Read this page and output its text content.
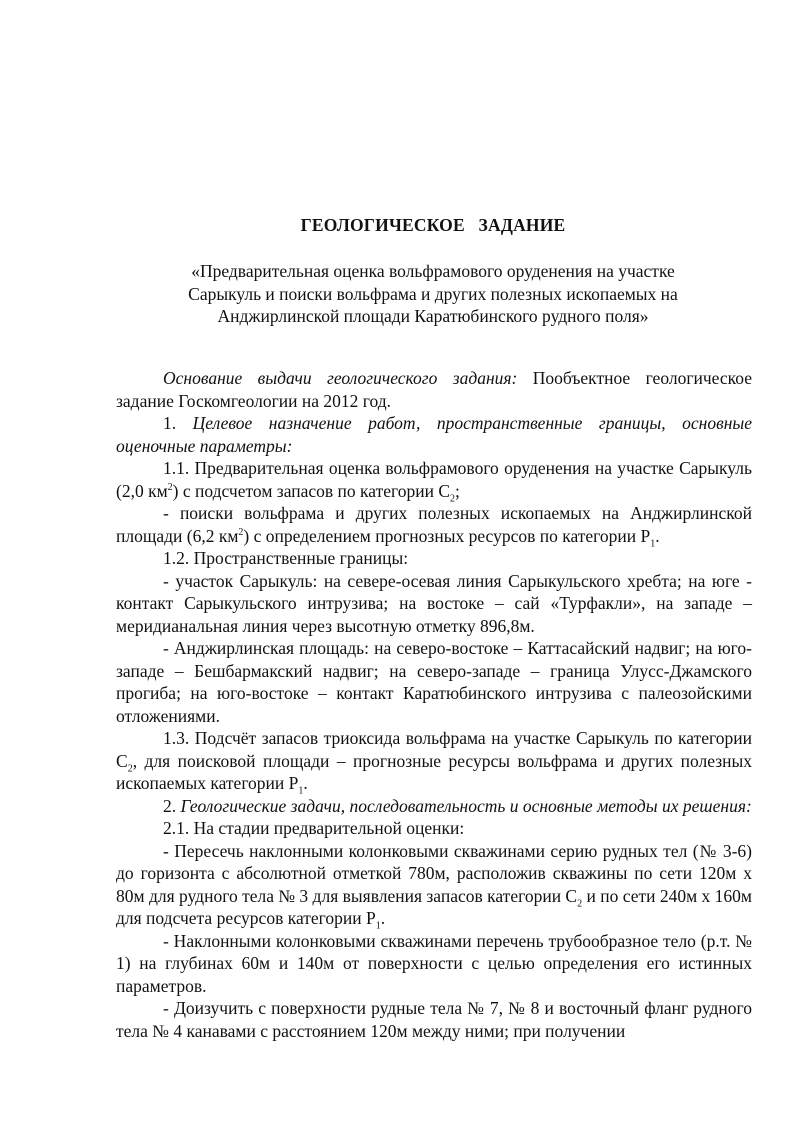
ГЕОЛОГИЧЕСКОЕ   ЗАДАНИЕ
«Предварительная оценка вольфрамового оруденения на участке
Сарыкуль и поиски вольфрама и других полезных ископаемых на
Анджирлинской площади Каратюбинского рудного поля»

Основание выдачи геологического задания: Пообъектное геологическое задание Госкомгеологии на 2012 год.

1. Целевое назначение работ, пространственные границы, основные оценочные параметры:

1.1. Предварительная оценка вольфрамового оруденения на участке Сарыкуль (2,0 $км^2$) с подсчетом запасов по категории $С_2$;

- поиски вольфрама и других полезных ископаемых на Анджирлинской площади (6,2 $км^2$) с определением прогнозных ресурсов по категории $Р_1$.

1.2. Пространственные границы:

- участок Сарыкуль: на севере-осевая линия Сарыкульского хребта; на юге - контакт Сарыкульского интрузива; на востоке – сай «Турфакли», на западе – меридианальная линия через высотную отметку 896,8м.

- Анджирлинская площадь: на северо-востоке – Каттасайский надвиг; на юго-западе – Бешбармакский надвиг; на северо-западе – граница Улусс-Джамского прогиба; на юго-востоке – контакт Каратюбинского интрузива с палеозойскими отложениями.

1.3. Подсчёт запасов триоксида вольфрама на участке Сарыкуль по категории $С_2$, для поисковой площади – прогнозные ресурсы вольфрама и других полезных ископаемых категории $Р_1$.

2. Геологические задачи, последовательность и основные методы их решения:

2.1. На стадии предварительной оценки:

- Пересечь наклонными колонковыми скважинами серию рудных тел (№ 3-6) до горизонта с абсолютной отметкой 780м, расположив скважины по сети 120м х 80м для рудного тела № 3 для выявления запасов категории $С_2$ и по сети 240м х 160м для подсчета ресурсов категории $Р_1$.

- Наклонными колонковыми скважинами перечень трубообразное тело (р.т. № 1) на глубинах 60м и 140м от поверхности с целью определения его истинных параметров.

- Доизучить с поверхности рудные тела № 7, № 8 и восточный фланг рудного тела № 4 канавами с расстоянием 120м между ними; при получении
